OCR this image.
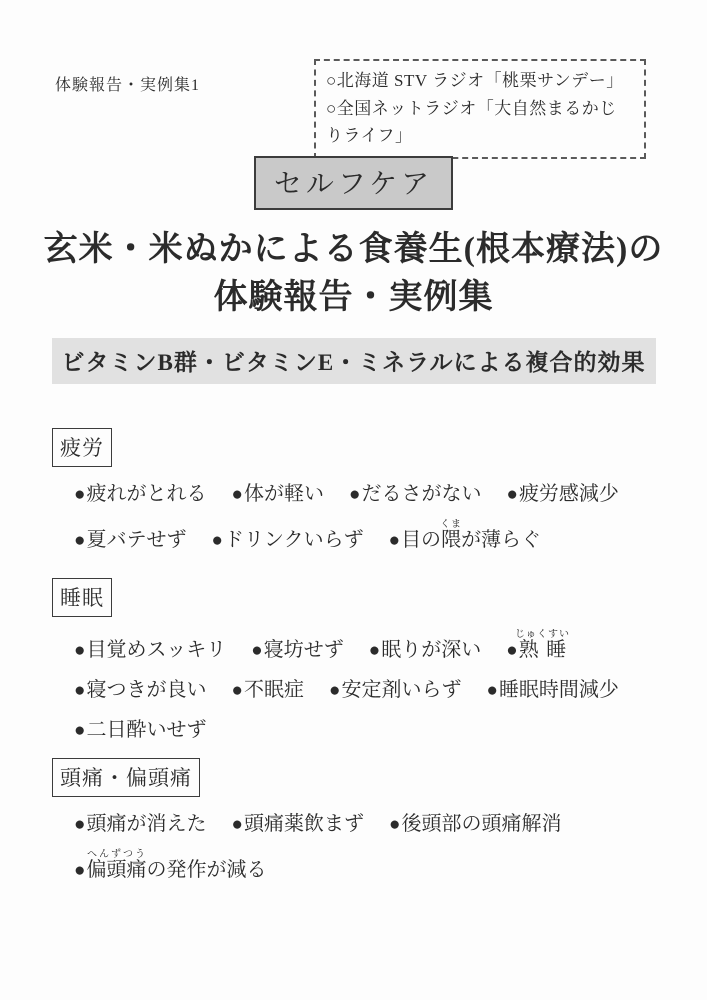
体験報告・実例集1	○北海道 STV ラジオ「桃栗サンデー」
○全国ネットラジオ「大自然まるかじりライフ」
セルフケア
玄米・米ぬかによる食養生(根本療法)の
体験報告・実例集
ビタミンB群・ビタミンE・ミネラルによる複合的効果
疲労
●疲れがとれる ●体が軽い ●だるさがない ●疲労感減少
●夏バテせず ●ドリンクいらず ●目の隈くまが薄らぐ
睡眠
●目覚めスッキリ ●寝坊せず ●眠りが深い ●熟睡じゅくすい
●寝つきが良い ●不眠症 ●安定剤いらず ●睡眠時間減少
●二日酔いせず
頭痛・偏頭痛
●頭痛が消えた ●頭痛薬飲まず ●後頭部の頭痛解消
●偏頭痛へんずつうの発作が減る
